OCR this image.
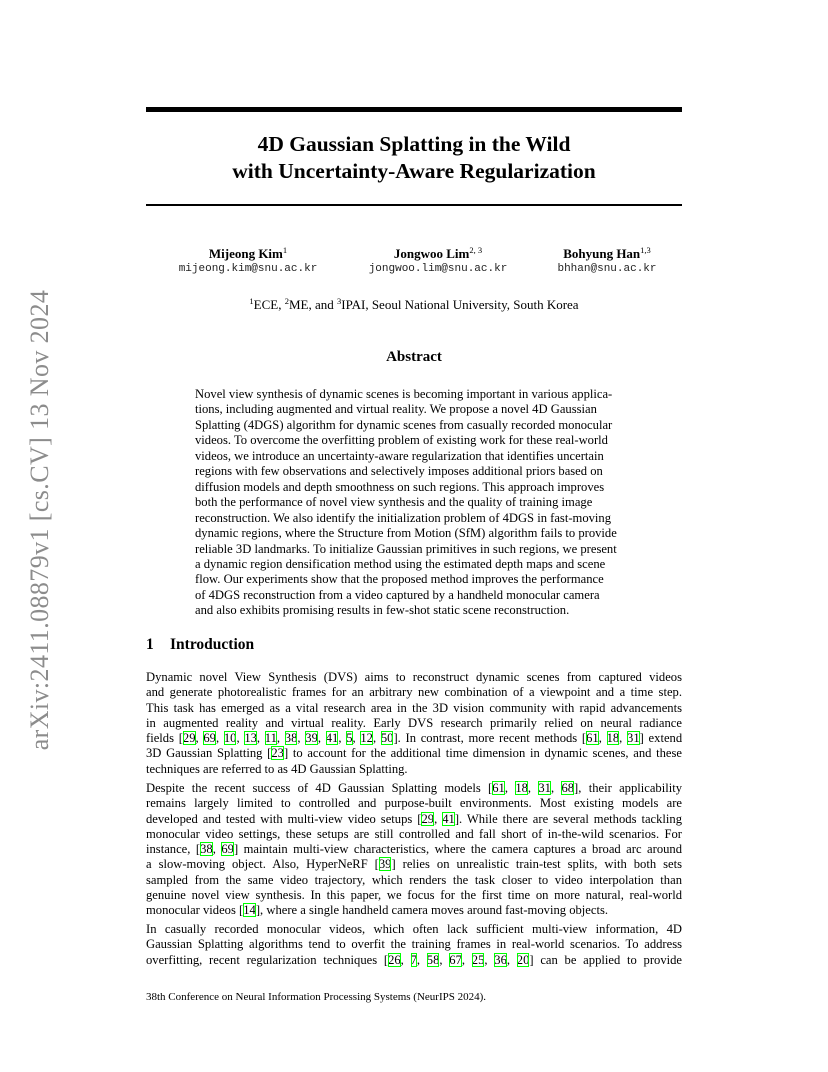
arXiv:2411.08879v1 [cs.CV] 13 Nov 2024
4D Gaussian Splatting in the Wild
with Uncertainty-Aware Regularization
Mijeong Kim$^1$
mijeong.kim@snu.ac.kr
Jongwoo Lim$^{2, 3}$
jongwoo.lim@snu.ac.kr
Bohyung Han$^{1,3}$
bhhan@snu.ac.kr
$^1$ECE, $^2$ME, and $^3$IPAI, Seoul National University, South Korea
Abstract
Novel view synthesis of dynamic scenes is becoming important in various applica-
tions, including augmented and virtual reality. We propose a novel 4D Gaussian
Splatting (4DGS) algorithm for dynamic scenes from casually recorded monocular
videos. To overcome the overfitting problem of existing work for these real-world
videos, we introduce an uncertainty-aware regularization that identifies uncertain
regions with few observations and selectively imposes additional priors based on
diffusion models and depth smoothness on such regions. This approach improves
both the performance of novel view synthesis and the quality of training image
reconstruction. We also identify the initialization problem of 4DGS in fast-moving
dynamic regions, where the Structure from Motion (SfM) algorithm fails to provide
reliable 3D landmarks. To initialize Gaussian primitives in such regions, we present
a dynamic region densification method using the estimated depth maps and scene
flow. Our experiments show that the proposed method improves the performance
of 4DGS reconstruction from a video captured by a handheld monocular camera
and also exhibits promising results in few-shot static scene reconstruction.
1 Introduction
Dynamic novel View Synthesis (DVS) aims to reconstruct dynamic scenes from captured videos
and generate photorealistic frames for an arbitrary new combination of a viewpoint and a time step.
This task has emerged as a vital research area in the 3D vision community with rapid advancements
in augmented reality and virtual reality. Early DVS research primarily relied on neural radiance
fields [29, 69, 10, 13, 11, 38, 39, 41, 5, 12, 50]. In contrast, more recent methods [61, 18, 31] extend
3D Gaussian Splatting [23] to account for the additional time dimension in dynamic scenes, and these
techniques are referred to as 4D Gaussian Splatting.
Despite the recent success of 4D Gaussian Splatting models [61, 18, 31, 68], their applicability
remains largely limited to controlled and purpose-built environments. Most existing models are
developed and tested with multi-view video setups [29, 41]. While there are several methods tackling
monocular video settings, these setups are still controlled and fall short of in-the-wild scenarios. For
instance, [38, 69] maintain multi-view characteristics, where the camera captures a broad arc around
a slow-moving object. Also, HyperNeRF [39] relies on unrealistic train-test splits, with both sets
sampled from the same video trajectory, which renders the task closer to video interpolation than
genuine novel view synthesis. In this paper, we focus for the first time on more natural, real-world
monocular videos [14], where a single handheld camera moves around fast-moving objects.
In casually recorded monocular videos, which often lack sufficient multi-view information, 4D
Gaussian Splatting algorithms tend to overfit the training frames in real-world scenarios. To address
overfitting, recent regularization techniques [26, 7, 58, 67, 25, 36, 20] can be applied to provide
38th Conference on Neural Information Processing Systems (NeurIPS 2024).
